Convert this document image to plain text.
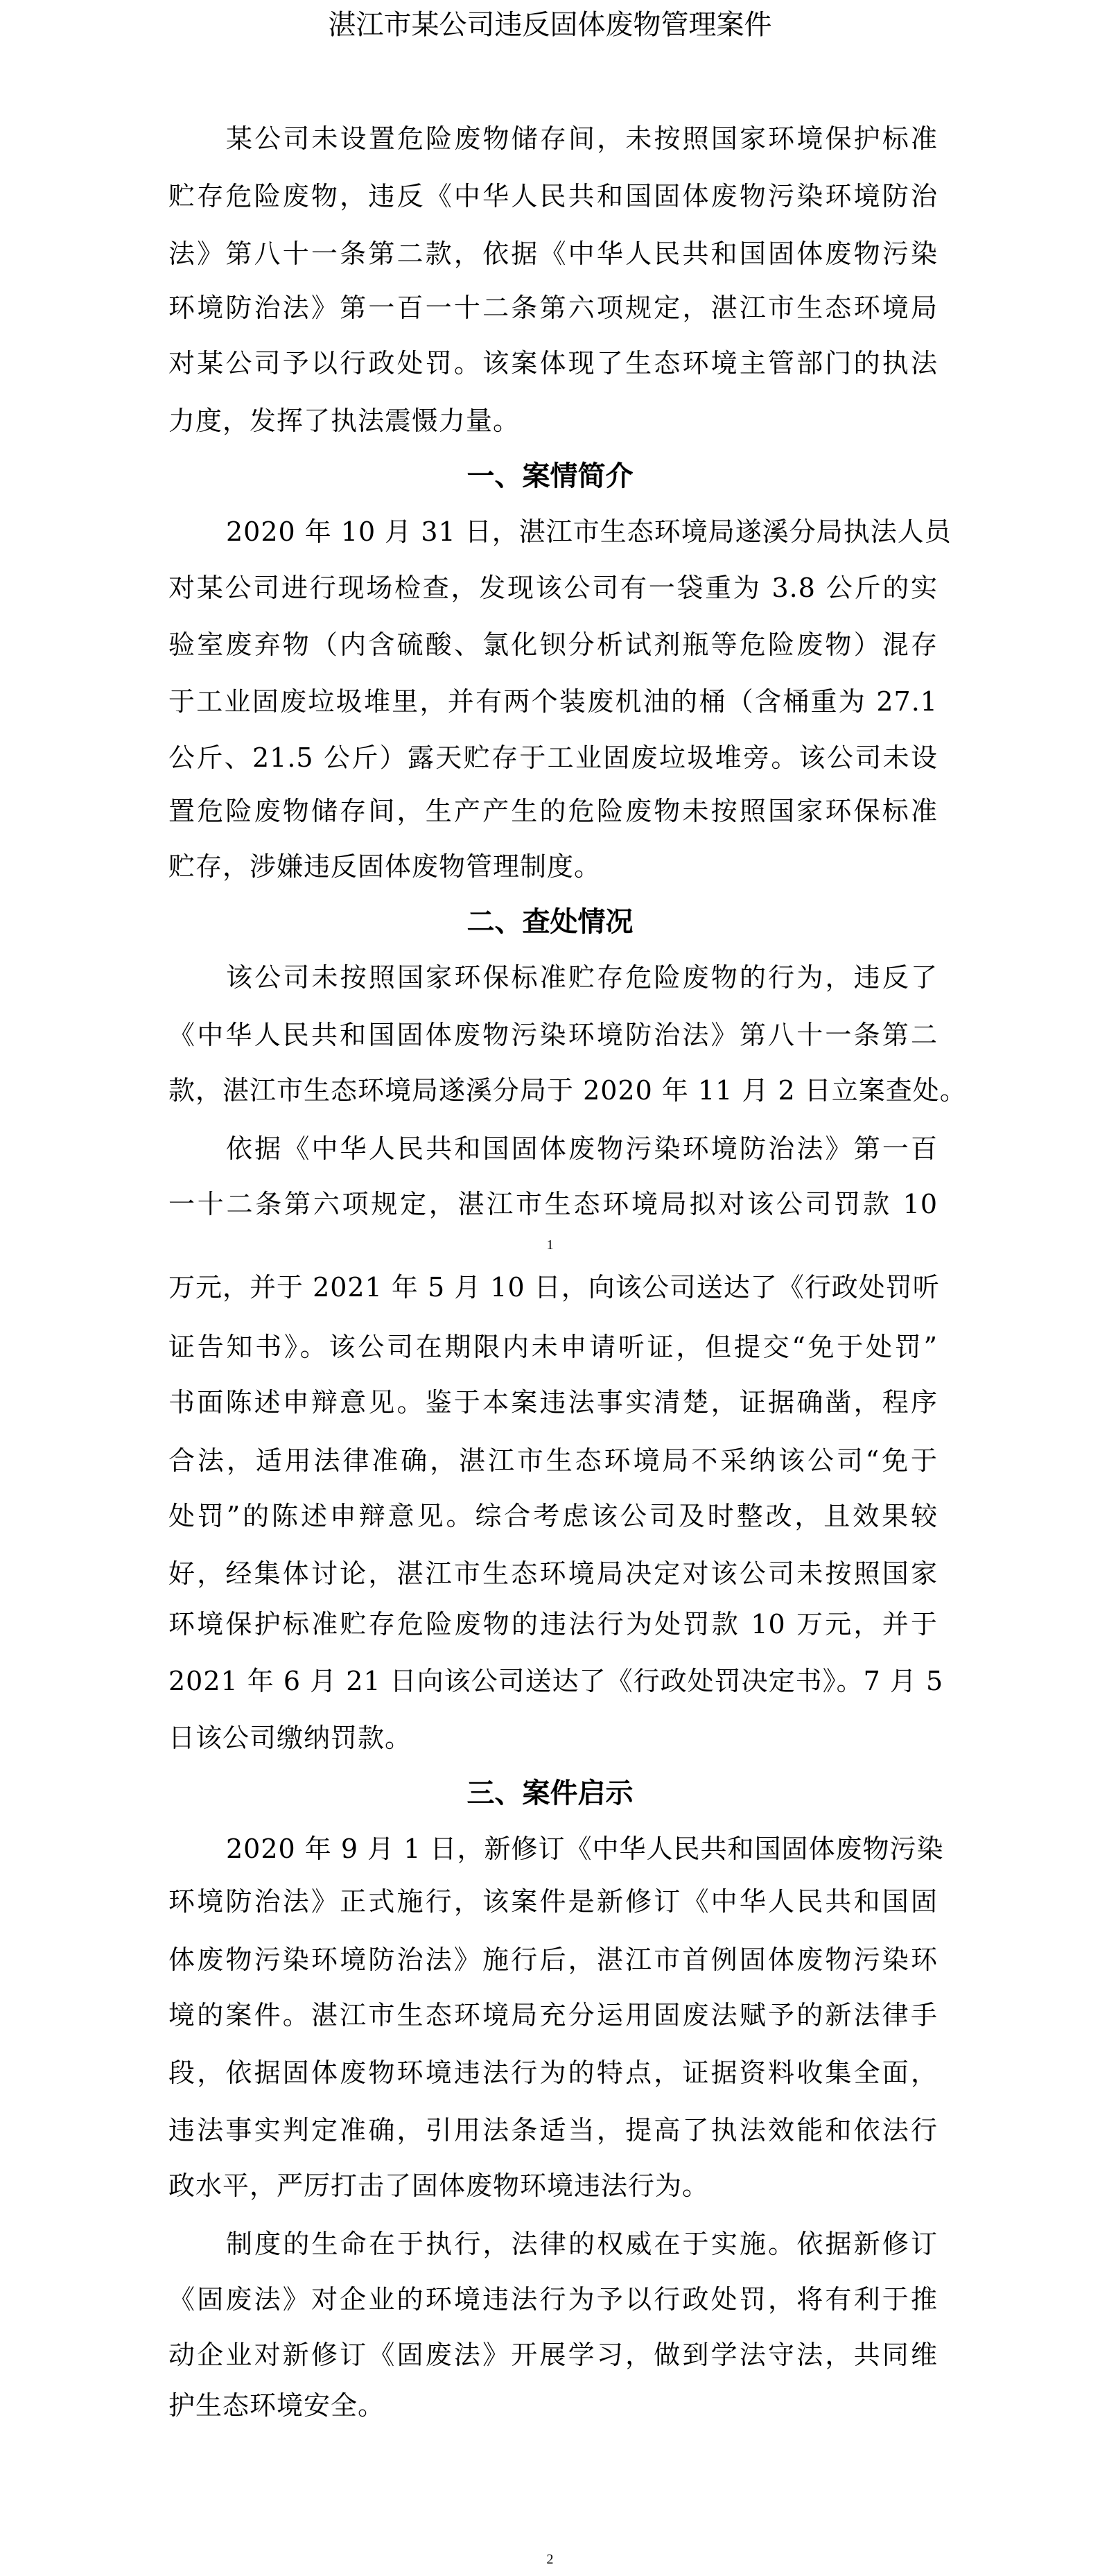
湛江市某公司违反固体废物管理案件
某公司未设置危险废物储存间，未按照国家环境保护标准
贮存危险废物，违反《中华人民共和国固体废物污染环境防治
法》第八十一条第二款，依据《中华人民共和国固体废物污染
环境防治法》第一百一十二条第六项规定，湛江市生态环境局
对某公司予以行政处罚。该案体现了生态环境主管部门的执法
力度，发挥了执法震慑力量。
一、案情简介
2020 年 10 月 31 日，湛江市生态环境局遂溪分局执法人员
对某公司进行现场检查，发现该公司有一袋重为 3.8 公斤的实
验室废弃物（内含硫酸、氯化钡分析试剂瓶等危险废物）混存
于工业固废垃圾堆里，并有两个装废机油的桶（含桶重为 27.1
公斤、21.5 公斤）露天贮存于工业固废垃圾堆旁。该公司未设
置危险废物储存间，生产产生的危险废物未按照国家环保标准
贮存，涉嫌违反固体废物管理制度。
二、查处情况
该公司未按照国家环保标准贮存危险废物的行为，违反了
《中华人民共和国固体废物污染环境防治法》第八十一条第二
款，湛江市生态环境局遂溪分局于 2020 年 11 月 2 日立案查处。
依据《中华人民共和国固体废物污染环境防治法》第一百
一十二条第六项规定，湛江市生态环境局拟对该公司罚款 10
1
万元，并于 2021 年 5 月 10 日，向该公司送达了《行政处罚听
证告知书》。该公司在期限内未申请听证，但提交“免于处罚”
书面陈述申辩意见。鉴于本案违法事实清楚，证据确凿，程序
合法，适用法律准确，湛江市生态环境局不采纳该公司“免于
处罚”的陈述申辩意见。综合考虑该公司及时整改，且效果较
好，经集体讨论，湛江市生态环境局决定对该公司未按照国家
环境保护标准贮存危险废物的违法行为处罚款 10 万元，并于
2021 年 6 月 21 日向该公司送达了《行政处罚决定书》。7 月 5
日该公司缴纳罚款。
三、案件启示
2020 年 9 月 1 日，新修订《中华人民共和国固体废物污染
环境防治法》正式施行，该案件是新修订《中华人民共和国固
体废物污染环境防治法》施行后，湛江市首例固体废物污染环
境的案件。湛江市生态环境局充分运用固废法赋予的新法律手
段，依据固体废物环境违法行为的特点，证据资料收集全面，
违法事实判定准确，引用法条适当，提高了执法效能和依法行
政水平，严厉打击了固体废物环境违法行为。
制度的生命在于执行，法律的权威在于实施。依据新修订
《固废法》对企业的环境违法行为予以行政处罚，将有利于推
动企业对新修订《固废法》开展学习，做到学法守法，共同维
护生态环境安全。
2
